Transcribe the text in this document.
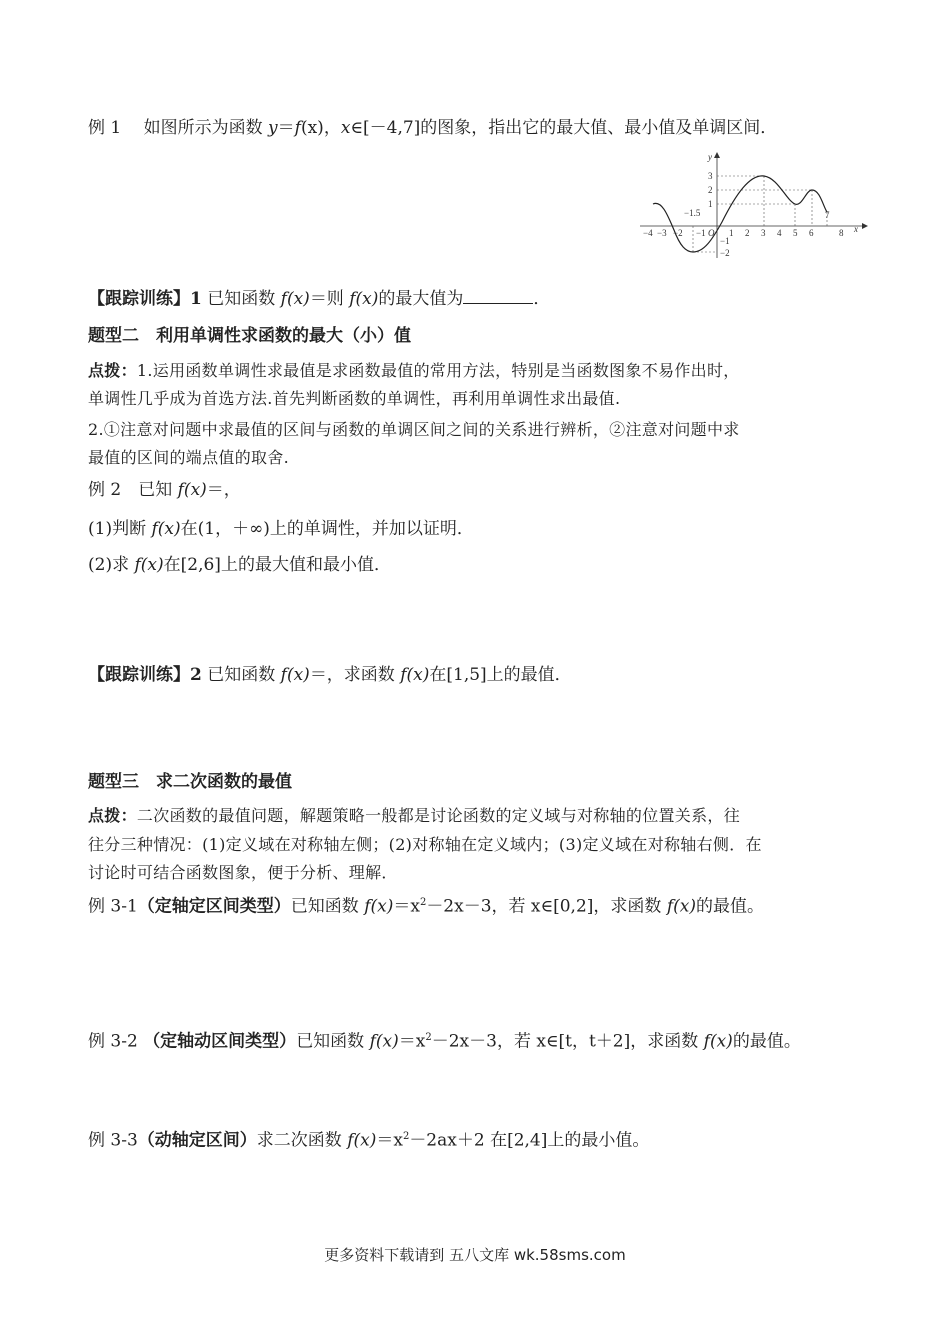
例 1　 如图所示为函数 y＝f(x)，x∈[－4,7]的图象，指出它的最大值、最小值及单调区间．
x
y
−4 −3 −2 −1 O 1 2 3 4 5 6
7
8
3
2
1
−1
−2
−1.5
【跟踪训练】1 已知函数 f(x)＝则 f(x)的最大值为	．
题型二　利用单调性求函数的最大（小）值
点拨：1.运用函数单调性求最值是求函数最值的常用方法，特别是当函数图象不易作出时，
单调性几乎成为首选方法.首先判断函数的单调性，再利用单调性求出最值.
2.①注意对问题中求最值的区间与函数的单调区间之间的关系进行辨析，②注意对问题中求
最值的区间的端点值的取舍.
例 2　已知 f(x)＝，
(1)判断 f(x)在(1，＋∞)上的单调性，并加以证明．
(2)求 f(x)在[2,6]上的最大值和最小值．
【跟踪训练】2 已知函数 f(x)＝，求函数 f(x)在[1,5]上的最值．
题型三　求二次函数的最值
点拨：二次函数的最值问题，解题策略一般都是讨论函数的定义域与对称轴的位置关系，往
往分三种情况：(1)定义域在对称轴左侧；(2)对称轴在定义域内；(3)定义域在对称轴右侧．在
讨论时可结合函数图象，便于分析、理解．
例 3-1（定轴定区间类型）已知函数 $f(x)=x^2-2x-3$，若 x∈[0,2]，求函数 f(x)的最值。
例 3-2 （定轴动区间类型）已知函数 $f(x)=x^2-2x-3$，若 x∈[t，t＋2]，求函数 f(x)的最值。
例 3-3（动轴定区间）求二次函数 $f(x)=x^2-2ax+2$ 在[2,4]上的最小值。
更多资料下载请到 五八文库 wk.58sms.com
